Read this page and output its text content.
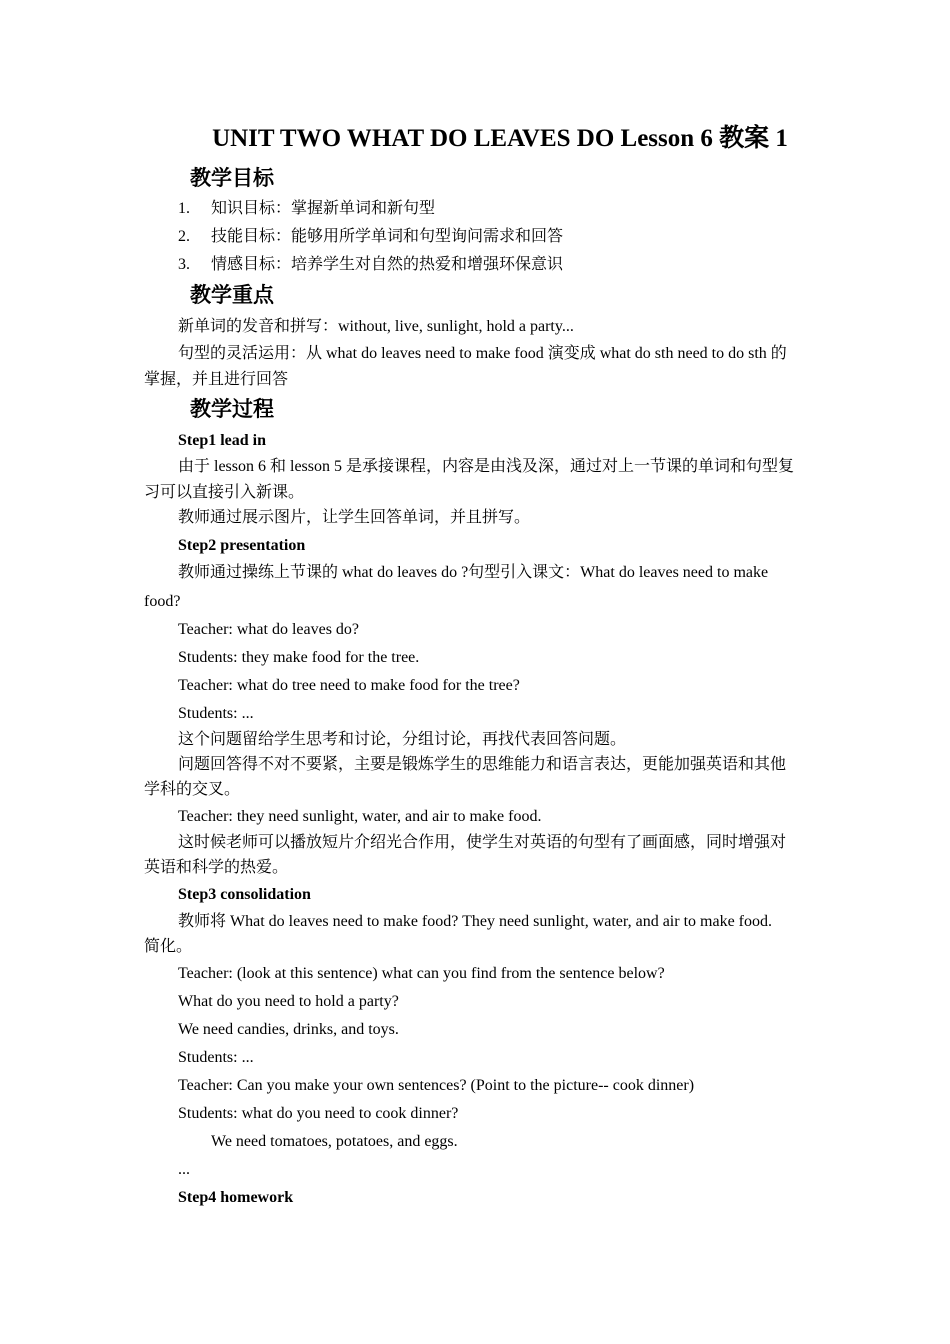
UNIT TWO WHAT DO LEAVES DO Lesson 6 教案 1
教学目标
1. 知识目标：掌握新单词和新句型
2. 技能目标：能够用所学单词和句型询问需求和回答
3. 情感目标：培养学生对自然的热爱和增强环保意识
教学重点
新单词的发音和拼写：without, live, sunlight, hold a party...
句型的灵活运用：从 what do leaves need to make food 演变成 what do sth need to do sth 的
掌握，并且进行回答
教学过程
Step1 lead in
由于 lesson 6 和 lesson 5 是承接课程，内容是由浅及深，通过对上一节课的单词和句型复
习可以直接引入新课。
教师通过展示图片，让学生回答单词，并且拼写。
Step2 presentation
教师通过操练上节课的 what do leaves do ?句型引入课文：What do leaves need to make
food?
Teacher: what do leaves do?
Students: they make food for the tree.
Teacher: what do tree need to make food for the tree?
Students: ...
这个问题留给学生思考和讨论，分组讨论，再找代表回答问题。
问题回答得不对不要紧，主要是锻炼学生的思维能力和语言表达，更能加强英语和其他
学科的交叉。
Teacher: they need sunlight, water, and air to make food.
这时候老师可以播放短片介绍光合作用，使学生对英语的句型有了画面感，同时增强对
英语和科学的热爱。
Step3 consolidation
教师将 What do leaves need to make food? They need sunlight, water, and air to make food.
简化。
Teacher: (look at this sentence) what can you find from the sentence below?
What do you need to hold a party?
We need candies, drinks, and toys.
Students: ...
Teacher: Can you make your own sentences? (Point to the picture-- cook dinner)
Students: what do you need to cook dinner?
We need tomatoes, potatoes, and eggs.
...
Step4 homework
